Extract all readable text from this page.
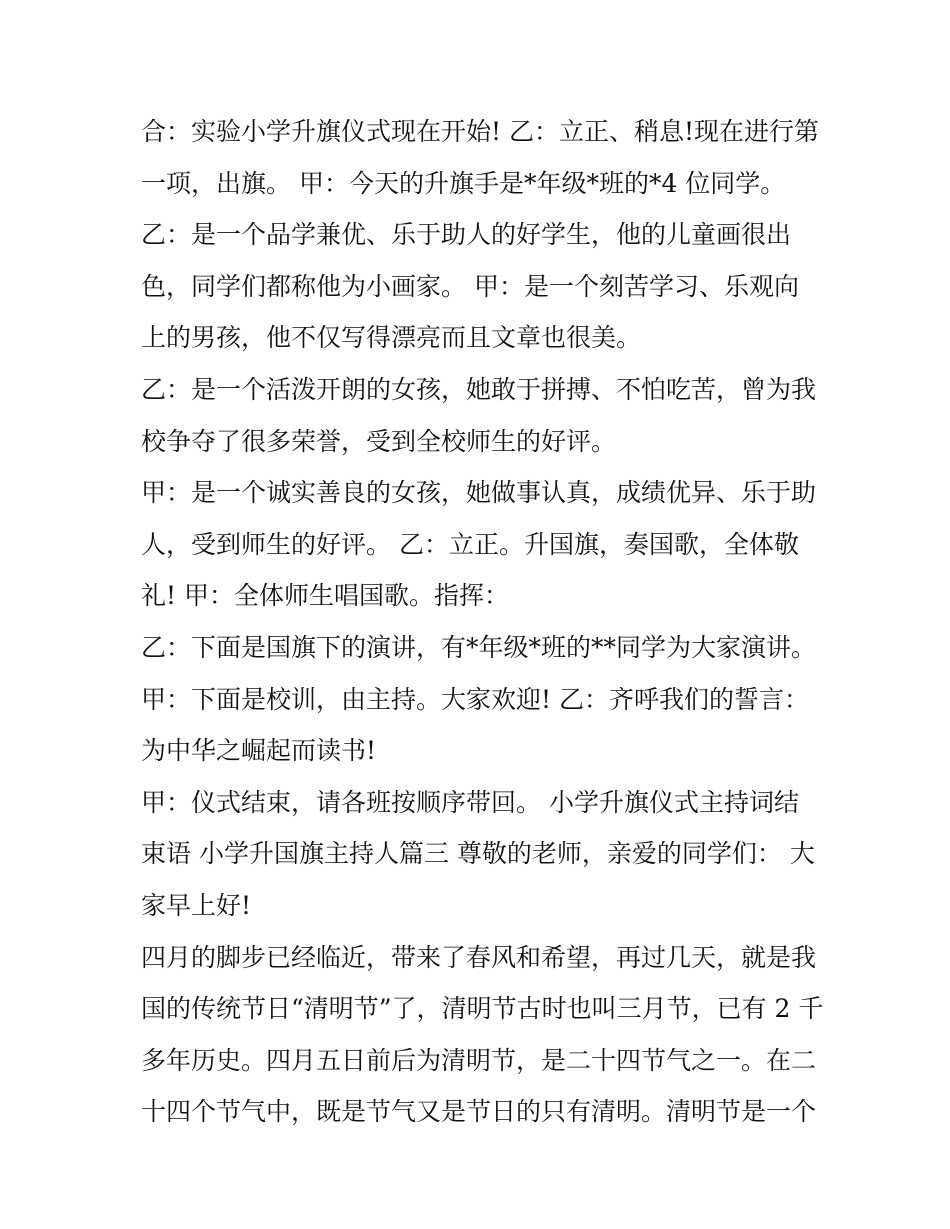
合：实验小学升旗仪式现在开始! 乙：立正、稍息!现在进行第
一项，出旗。 甲：今天的升旗手是*年级*班的*4 位同学。
乙：是一个品学兼优、乐于助人的好学生，他的儿童画很出
色，同学们都称他为小画家。 甲：是一个刻苦学习、乐观向
上的男孩，他不仅写得漂亮而且文章也很美。
乙：是一个活泼开朗的女孩，她敢于拼搏、不怕吃苦，曾为我
校争夺了很多荣誉，受到全校师生的好评。
甲：是一个诚实善良的女孩，她做事认真，成绩优异、乐于助
人，受到师生的好评。 乙：立正。升国旗，奏国歌，全体敬
礼! 甲：全体师生唱国歌。指挥：
乙：下面是国旗下的演讲，有*年级*班的**同学为大家演讲。
甲：下面是校训，由主持。大家欢迎! 乙：齐呼我们的誓言：
为中华之崛起而读书!
甲：仪式结束，请各班按顺序带回。 小学升旗仪式主持词结
束语 小学升国旗主持人篇三 尊敬的老师，亲爱的同学们： 大
家早上好!
四月的脚步已经临近，带来了春风和希望，再过几天，就是我
国的传统节日“清明节”了，清明节古时也叫三月节，已有 2 千
多年历史。四月五日前后为清明节，是二十四节气之一。在二
十四个节气中，既是节气又是节日的只有清明。清明节是一个
